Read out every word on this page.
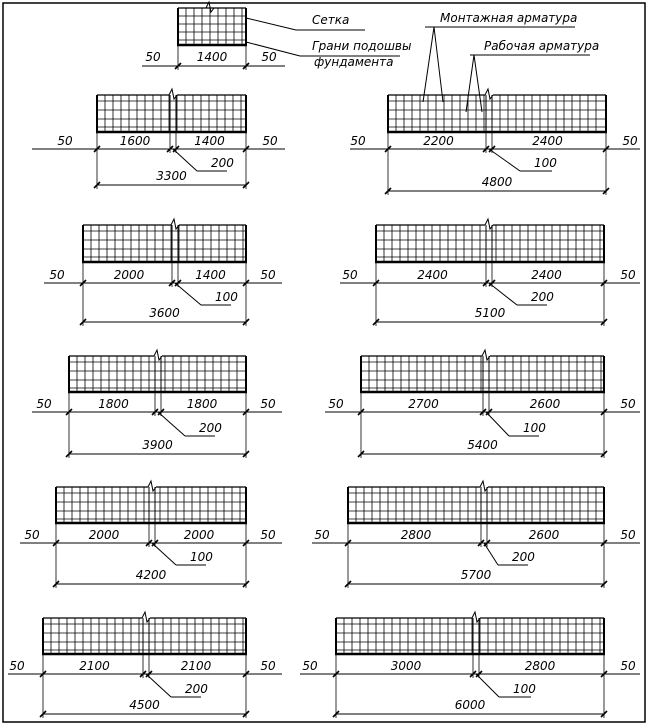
50	1400	50
Сетка
Грани подошвы
фундамента
Монтажная арматура
Рабочая арматура
50	1600	1400	50
200
3300
50	2200	2400	50
100
4800
50	2000	1400	50
100
3600
50	2400	2400	50
200
5100
50	1800	1800	50
200
3900
50	2700	2600	50
100
5400
50	2000	2000	50
100
4200
50	2800	2600	50
200
5700
50	2100	2100	50
200
4500
50	3000	2800	50
100
6000
